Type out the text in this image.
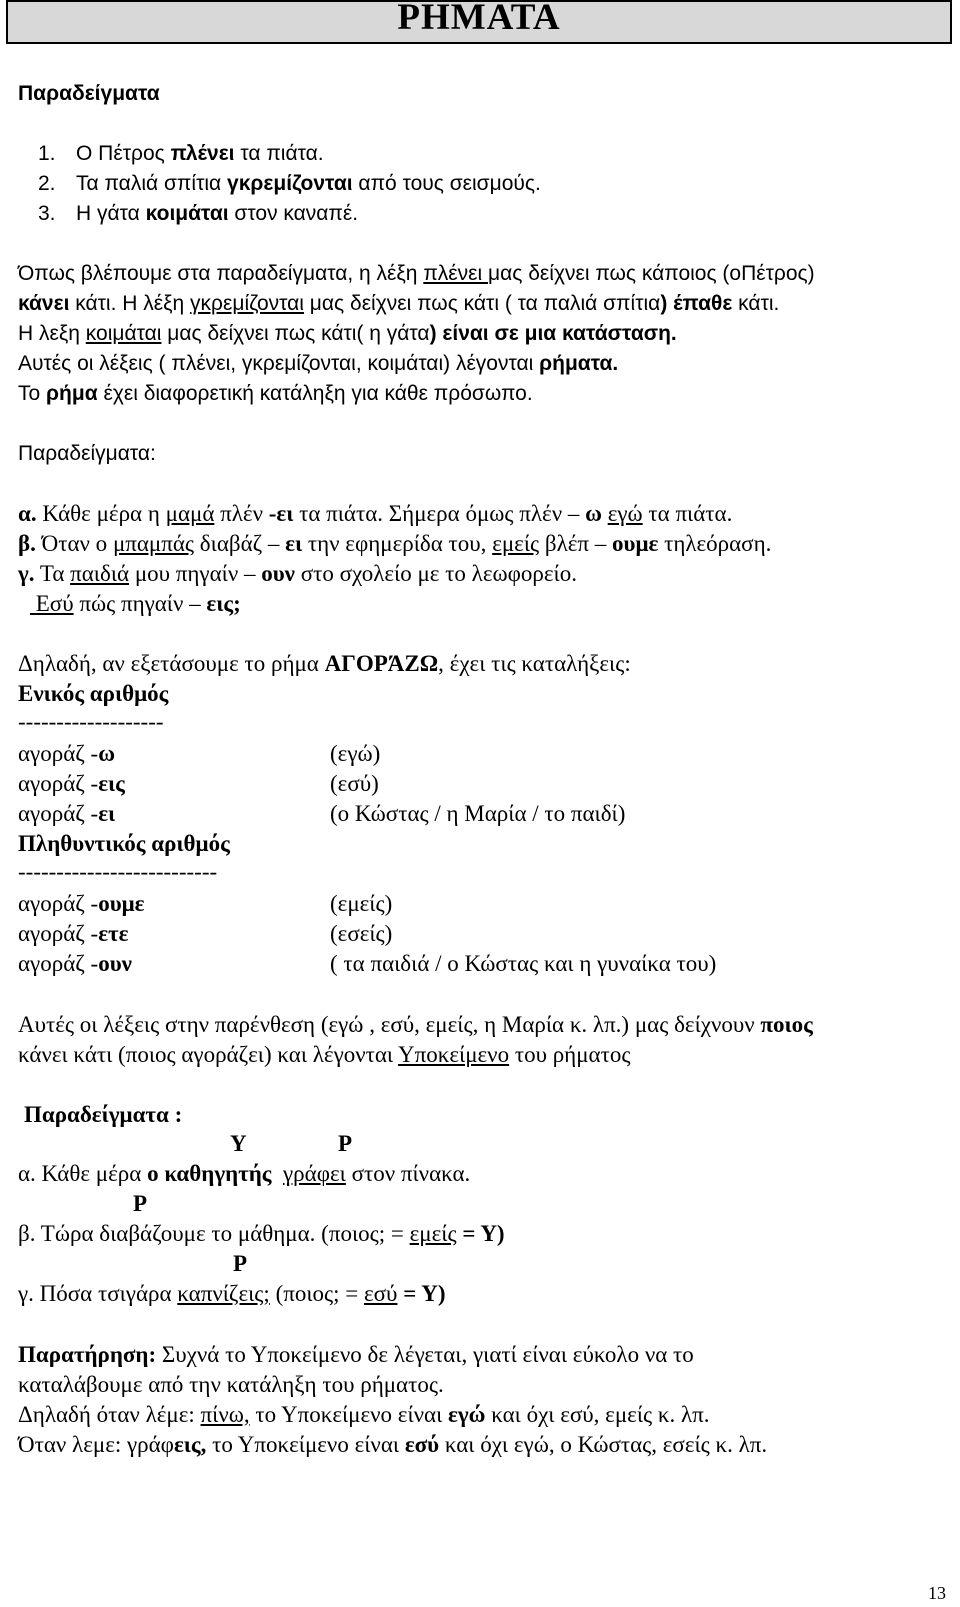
ΡΗΜΑΤΑ
Παραδείγματα
1. Ο Πέτρος πλένει τα πιάτα.
2. Τα παλιά σπίτια γκρεμίζονται από τους σεισμούς.
3. Η γάτα κοιμάται στον καναπέ.
Όπως βλέπουμε στα παραδείγματα, η λέξη πλένει μας δείχνει πως κάποιος (οΠέτρος)
κάνει κάτι. Η λέξη γκρεμίζονται μας δείχνει πως κάτι ( τα παλιά σπίτια) έπαθε κάτι.
Η λεξη κοιμάται μας δείχνει πως κάτι( η γάτα) είναι σε μια κατάσταση.
Αυτές οι λέξεις ( πλένει, γκρεμίζονται, κοιμάται) λέγονται ρήματα.
Το ρήμα έχει διαφορετική κατάληξη για κάθε πρόσωπο.
Παραδείγματα:
α. Κάθε μέρα η μαμά πλέν -ει τα πιάτα. Σήμερα όμως πλέν – ω εγώ τα πιάτα.
β. Όταν ο μπαμπάς διαβάζ – ει την εφημερίδα του, εμείς βλέπ – ουμε τηλεόραση.
γ. Τα παιδιά μου πηγαίν – ουν στο σχολείο με το λεωφορείο.
Εσύ πώς πηγαίν – εις;
Δηλαδή, αν εξετάσουμε το ρήμα ΑΓΟΡΆΖΩ, έχει τις καταλήξεις:
Ενικός αριθμός
-------------------
αγοράζ -ω	(εγώ)
αγοράζ -εις	(εσύ)
αγοράζ -ει	(ο Κώστας / η Μαρία / το παιδί)
Πληθυντικός αριθμός
--------------------------
αγοράζ -ουμε	(εμείς)
αγοράζ -ετε	(εσείς)
αγοράζ -ουν	( τα παιδιά / ο Κώστας και η γυναίκα του)
Αυτές οι λέξεις στην παρένθεση (εγώ , εσύ, εμείς, η Μαρία κ. λπ.) μας δείχνουν ποιος
κάνει κάτι (ποιος αγοράζει) και λέγονται Υποκείμενο του ρήματος
Παραδείγματα :
Υ	Ρ
α. Κάθε μέρα ο καθηγητής γράφει στον πίνακα.
Ρ
β. Τώρα διαβάζουμε το μάθημα. (ποιος; = εμείς = Υ)
Ρ
γ. Πόσα τσιγάρα καπνίζεις; (ποιος; = εσύ = Υ)
Παρατήρηση: Συχνά το Υποκείμενο δε λέγεται, γιατί είναι εύκολο να το
καταλάβουμε από την κατάληξη του ρήματος.
Δηλαδή όταν λέμε: πίνω, το Υποκείμενο είναι εγώ και όχι εσύ, εμείς κ. λπ.
Όταν λεμε: γράφεις, το Υποκείμενο είναι εσύ και όχι εγώ, ο Κώστας, εσείς κ. λπ.
13
